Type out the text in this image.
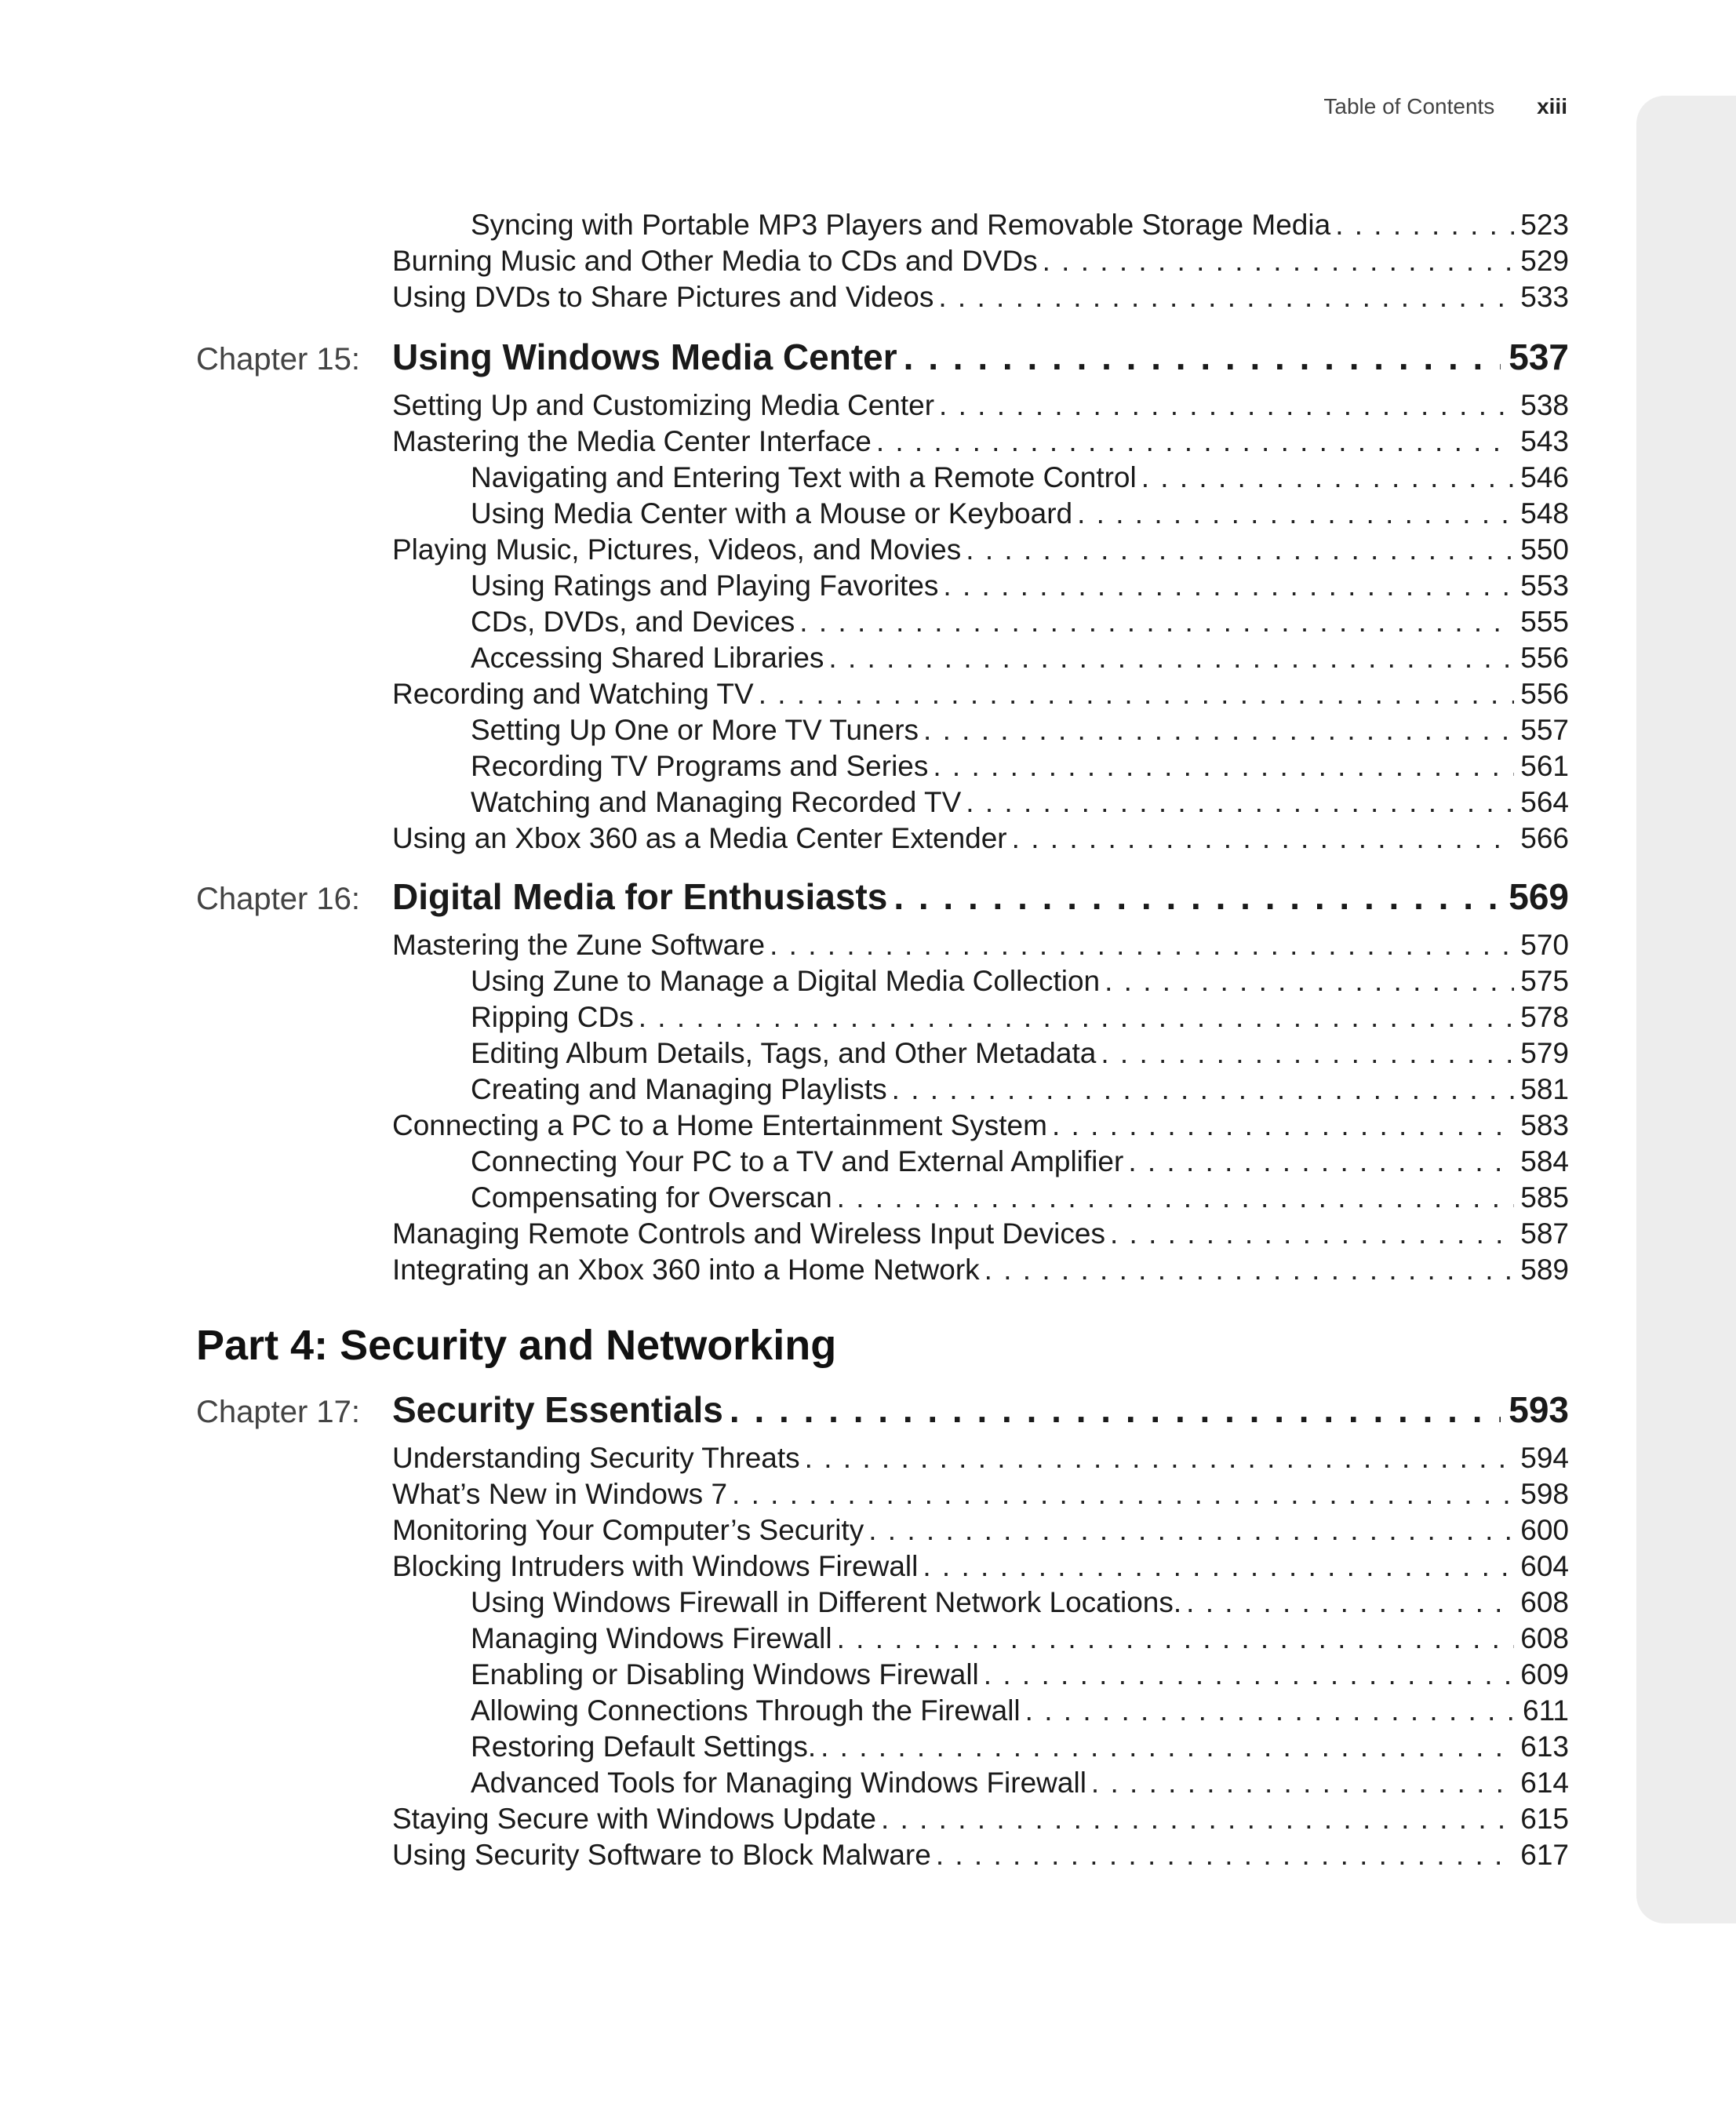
Table of Contents xiii
Syncing with Portable MP3 Players and Removable Storage Media . . .	523
Burning Music and Other Media to CDs and DVDs . . .	529
Using DVDs to Share Pictures and Videos . . .	533
Chapter 15: Using Windows Media Center . . .	537
Setting Up and Customizing Media Center . . .	538
Mastering the Media Center Interface . . .	543
Navigating and Entering Text with a Remote Control . . .	546
Using Media Center with a Mouse or Keyboard . . .	548
Playing Music, Pictures, Videos, and Movies . . .	550
Using Ratings and Playing Favorites . . .	553
CDs, DVDs, and Devices . . .	555
Accessing Shared Libraries . . .	556
Recording and Watching TV . . .	556
Setting Up One or More TV Tuners . . .	557
Recording TV Programs and Series . . .	561
Watching and Managing Recorded TV . . .	564
Using an Xbox 360 as a Media Center Extender . . .	566
Chapter 16: Digital Media for Enthusiasts . . .	569
Mastering the Zune Software . . .	570
Using Zune to Manage a Digital Media Collection . . .	575
Ripping CDs . . .	578
Editing Album Details, Tags, and Other Metadata . . .	579
Creating and Managing Playlists . . .	581
Connecting a PC to a Home Entertainment System . . .	583
Connecting Your PC to a TV and External Amplifier . . .	584
Compensating for Overscan . . .	585
Managing Remote Controls and Wireless Input Devices . . .	587
Integrating an Xbox 360 into a Home Network . . .	589
Part 4: Security and Networking
Chapter 17: Security Essentials . . .	593
Understanding Security Threats . . .	594
What’s New in Windows 7 . . .	598
Monitoring Your Computer’s Security . . .	600
Blocking Intruders with Windows Firewall . . .	604
Using Windows Firewall in Different Network Locations. . . .	608
Managing Windows Firewall . . .	608
Enabling or Disabling Windows Firewall . . .	609
Allowing Connections Through the Firewall . . .	611
Restoring Default Settings. . . .	613
Advanced Tools for Managing Windows Firewall . . .	614
Staying Secure with Windows Update . . .	615
Using Security Software to Block Malware . . .	617
